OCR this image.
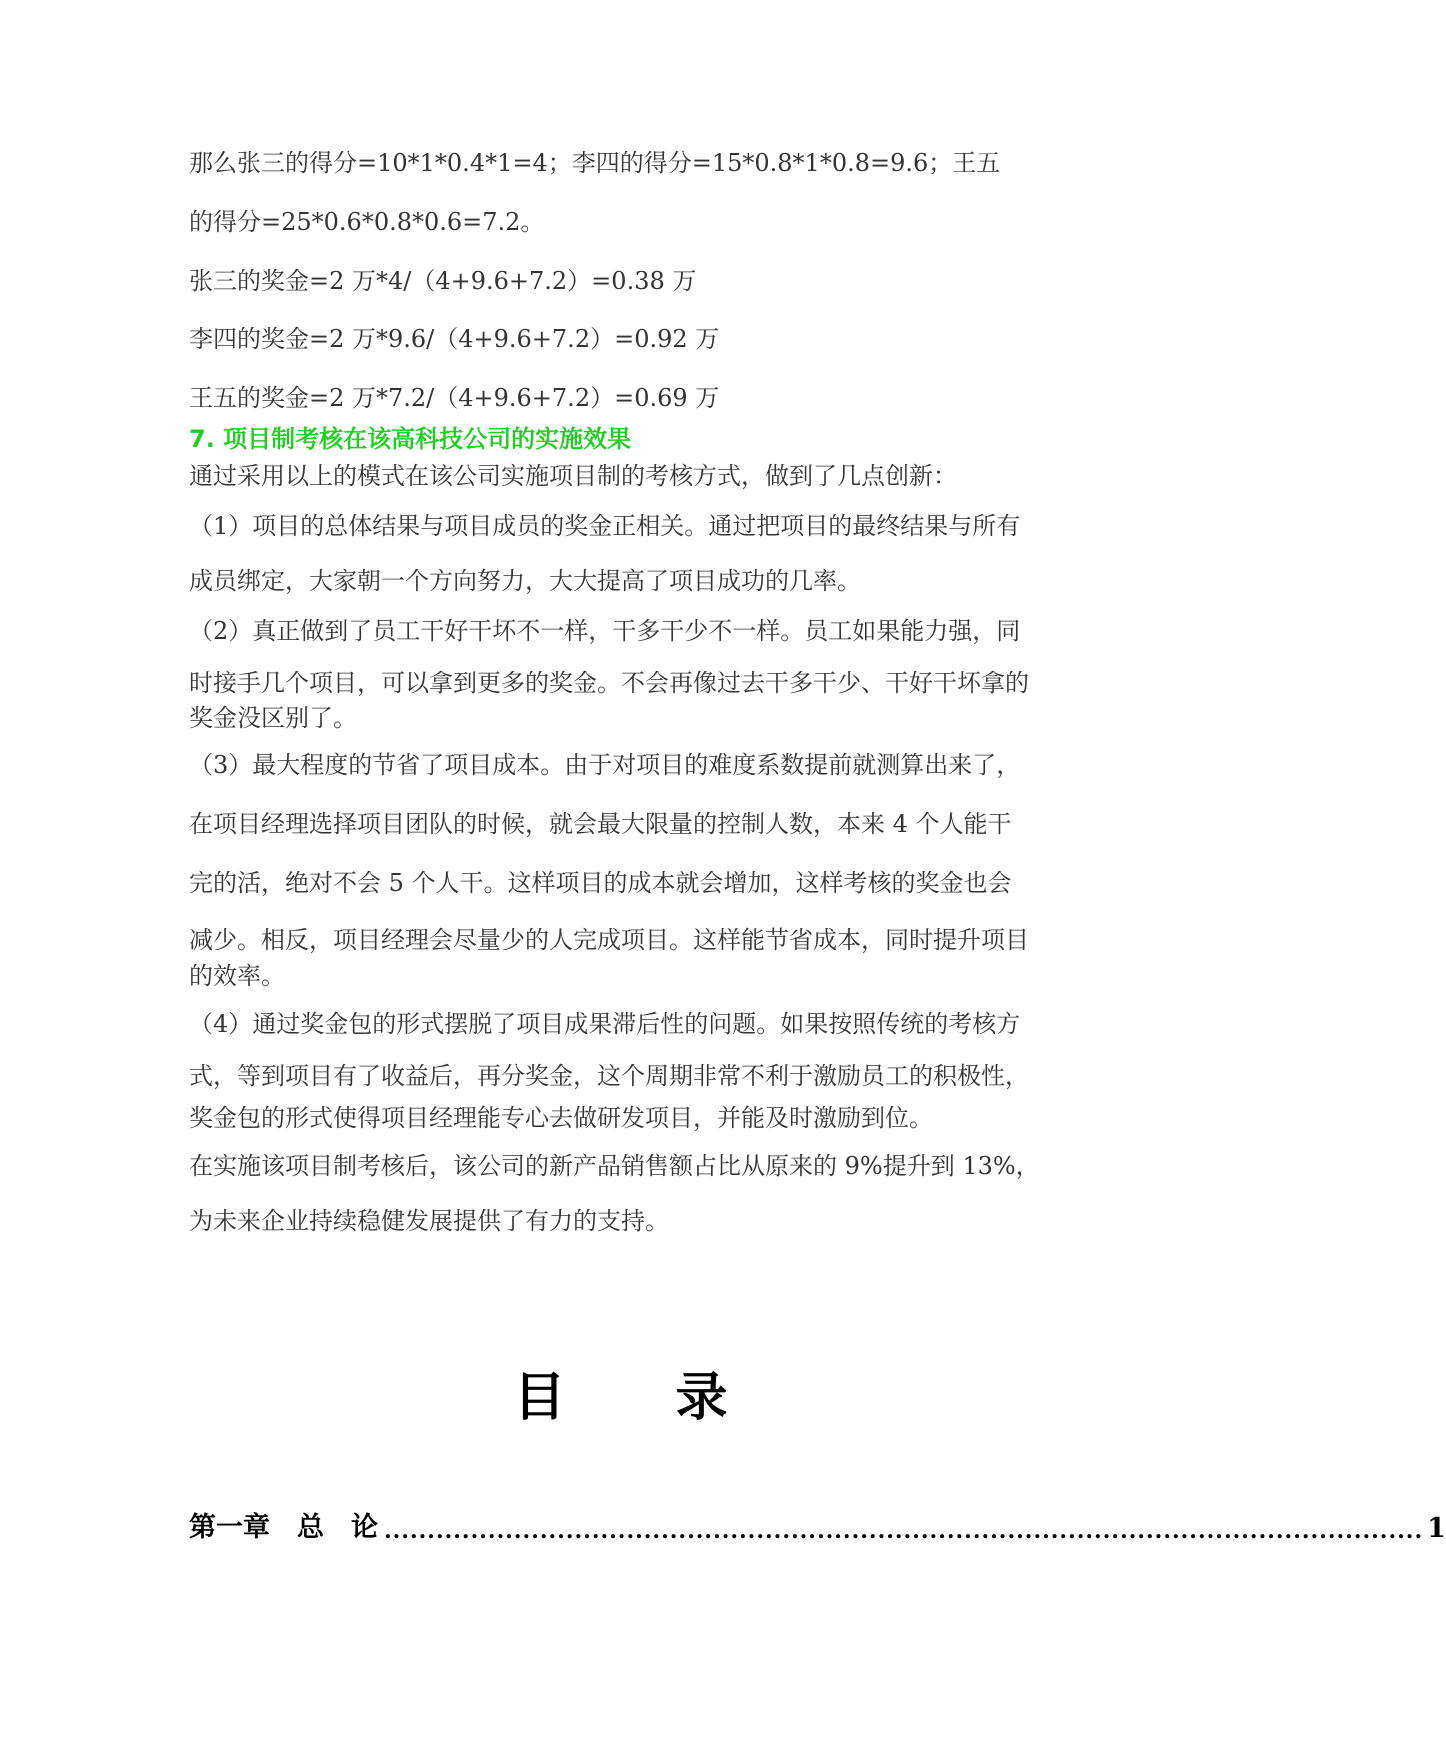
那么张三的得分=10*1*0.4*1=4；李四的得分=15*0.8*1*0.8=9.6；王五
的得分=25*0.6*0.8*0.6=7.2。
张三的奖金=2 万*4/（4+9.6+7.2）=0.38 万
李四的奖金=2 万*9.6/（4+9.6+7.2）=0.92 万
王五的奖金=2 万*7.2/（4+9.6+7.2）=0.69 万
7. 项目制考核在该高科技公司的实施效果
通过采用以上的模式在该公司实施项目制的考核方式，做到了几点创新：
（1）项目的总体结果与项目成员的奖金正相关。通过把项目的最终结果与所有
成员绑定，大家朝一个方向努力，大大提高了项目成功的几率。
（2）真正做到了员工干好干坏不一样，干多干少不一样。员工如果能力强，同
时接手几个项目，可以拿到更多的奖金。不会再像过去干多干少、干好干坏拿的
奖金没区别了。
（3）最大程度的节省了项目成本。由于对项目的难度系数提前就测算出来了，
在项目经理选择项目团队的时候，就会最大限量的控制人数，本来 4 个人能干
完的活，绝对不会 5 个人干。这样项目的成本就会增加，这样考核的奖金也会
减少。相反，项目经理会尽量少的人完成项目。这样能节省成本，同时提升项目
的效率。
（4）通过奖金包的形式摆脱了项目成果滞后性的问题。如果按照传统的考核方
式，等到项目有了收益后，再分奖金，这个周期非常不利于激励员工的积极性，
奖金包的形式使得项目经理能专心去做研发项目，并能及时激励到位。
在实施该项目制考核后，该公司的新产品销售额占比从原来的 9%提升到 13%，
为未来企业持续稳健发展提供了有力的支持。
目 录
第一章　总　论 ........................................................................................................................ 1
